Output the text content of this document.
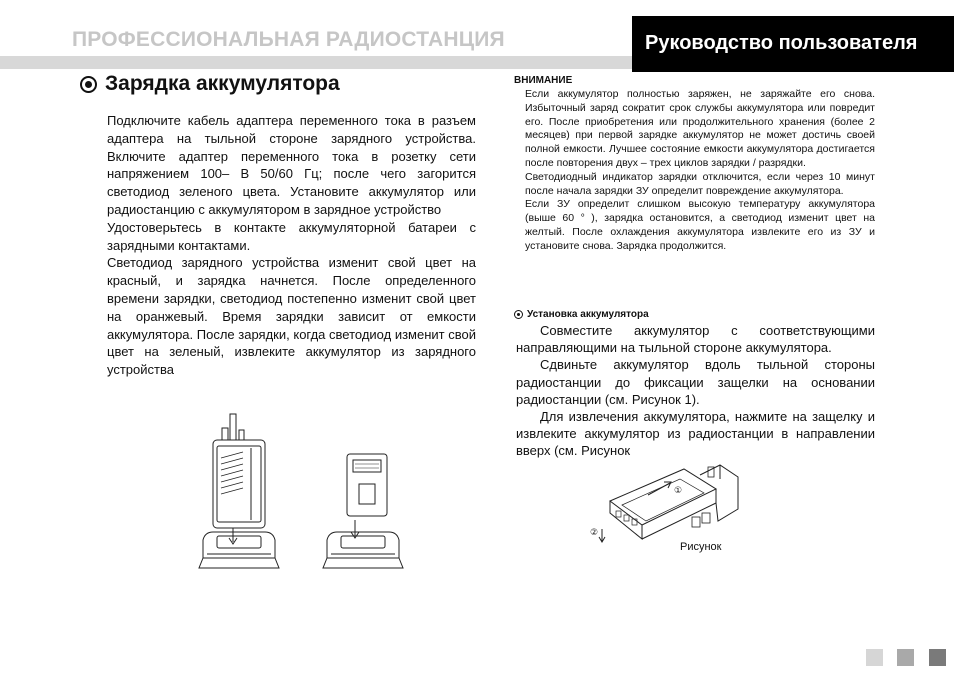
ПРОФЕССИОНАЛЬНАЯ РАДИОСТАНЦИЯ	Руководство пользователя
Зарядка аккумулятора

Подключите кабель адаптера переменного тока в разъем адаптера на тыльной стороне зарядного устройства. Включите адаптер переменного тока в розетку сети напряжением 100– В 50/60 Гц; после чего загорится светодиод зеленого цвета. Установите аккумулятор или радиостанцию с аккумулятором в зарядное устройство

Удостоверьтесь в контакте аккумуляторной батареи с зарядными контактами.

Светодиод зарядного устройства изменит свой цвет на красный, и зарядка начнется. После определенного времени зарядки, светодиод постепенно изменит свой цвет на оранжевый. Время зарядки зависит от емкости аккумулятора. После зарядки, когда светодиод изменит свой цвет на зеленый, извлеките аккумулятор из зарядного устройства

ВНИМАНИЕ

Если аккумулятор полностью заряжен, не заряжайте его снова. Избыточный заряд сократит срок службы аккумулятора или повредит его. После приобретения или продолжительного хранения (более 2 месяцев) при первой зарядке аккумулятор не может достичь своей полной емкости. Лучшее состояние емкости аккумулятора достигается после повторения двух – трех циклов зарядки / разрядки.

Светодиодный индикатор зарядки отключится, если через 10 минут после начала зарядки ЗУ определит повреждение аккумулятора.

Если ЗУ определит слишком высокую температуру аккумулятора (выше 60 ° ), зарядка остановится, а светодиод изменит цвет на желтый. После охлаждения аккумулятора извлеките его из ЗУ и установите снова. Зарядка продолжится.

Установка аккумулятора

Совместите аккумулятор с соответствующими направляющими на тыльной стороне аккумулятора.

Сдвиньте аккумулятор вдоль тыльной стороны радиостанции до фиксации защелки на основании радиостанции (см. Рисунок 1).

Для извлечения аккумулятора, нажмите на защелку и извлеките аккумулятор из радиостанции в направлении вверх (см. Рисунок

①
②
Рисунок
